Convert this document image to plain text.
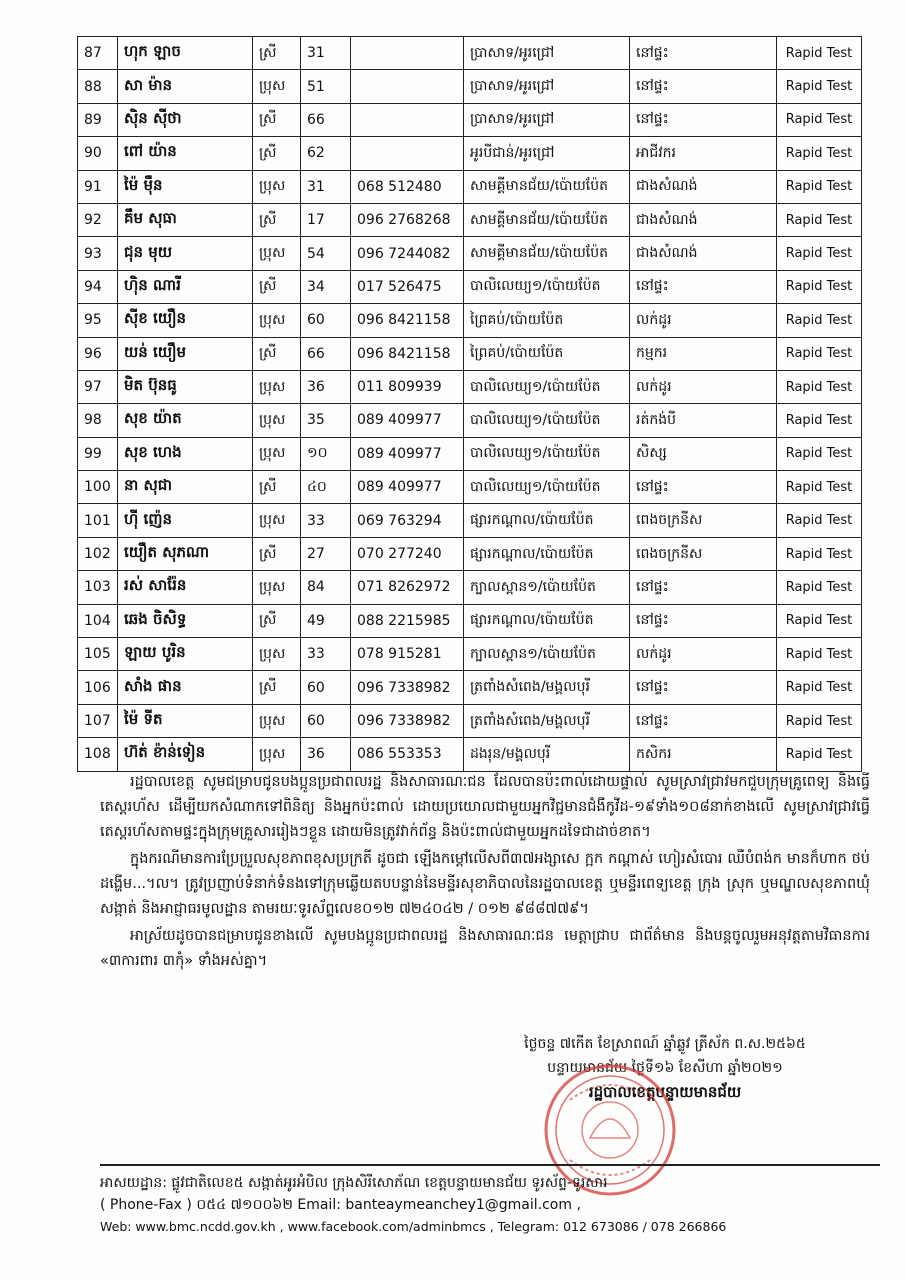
87	ហុក ឡាច	ស្រី	31		ប្រាសាទ/អូរជ្រៅ	នៅផ្ទះ	Rapid Test
88	សា ម៉ាន	ប្រុស	51		ប្រាសាទ/អូរជ្រៅ	នៅផ្ទះ	Rapid Test
89	ស៊ិន ស៊ីថា	ស្រី	66		ប្រាសាទ/អូរជ្រៅ	នៅផ្ទះ	Rapid Test
90	ពៅ យ៉ាន	ស្រី	62		អូរបីជាន់/អូរជ្រៅ	អាជីវករ	Rapid Test
91	ម៉ៃ ម៉ឺន	ប្រុស	31	068 512480	សាមគ្គីមានជ័យ/ប៉ោយប៉ែត	ជាងសំណង់	Rapid Test
92	គឹម សុធា	ស្រី	17	096 2768268	សាមគ្គីមានជ័យ/ប៉ោយប៉ែត	ជាងសំណង់	Rapid Test
93	ជុន មុយ	ប្រុស	54	096 7244082	សាមគ្គីមានជ័យ/ប៉ោយប៉ែត	ជាងសំណង់	Rapid Test
94	ហ៊ិន ណារី	ស្រី	34	017 526475	បាលិលេយ្យ១/ប៉ោយប៉ែត	នៅផ្ទះ	Rapid Test
95	ស៊ីខ យឿន	ប្រុស	60	096 8421158	ព្រៃគប់/ប៉ោយប៉ែត	លក់ដូរ	Rapid Test
96	យន់ យឿម	ស្រី	66	096 8421158	ព្រៃគប់/ប៉ោយប៉ែត	កម្មករ	Rapid Test
97	មិត ប៊ុនធូ	ប្រុស	36	011 809939	បាលិលេយ្យ១/ប៉ោយប៉ែត	លក់ដូរ	Rapid Test
98	សុខ យ៉ាត	ប្រុស	35	089 409977	បាលិលេយ្យ១/ប៉ោយប៉ែត	រត់កង់បី	Rapid Test
99	សុខ ហេង	ប្រុស	១០	089 409977	បាលិលេយ្យ១/ប៉ោយប៉ែត	សិស្ស	Rapid Test
100	នា សុជា	ស្រី	៤០	089 409977	បាលិលេយ្យ១/ប៉ោយប៉ែត	នៅផ្ទះ	Rapid Test
101	ហ៊ី ញ៉េន	ប្រុស	33	069 763294	ផ្សារកណ្ដាល/ប៉ោយប៉ែត	ពេងចក្រនីស	Rapid Test
102	យឿត សុភណា	ស្រី	27	070 277240	ផ្សារកណ្ដាល/ប៉ោយប៉ែត	ពេងចក្រនីស	Rapid Test
103	រស់ សារ៉ែន	ប្រុស	84	071 8262972	ក្បាលស្ពាន១/ប៉ោយប៉ែត	នៅផ្ទះ	Rapid Test
104	ឆេង ចិសិទ្ធ	ស្រី	49	088 2215985	ផ្សារកណ្ដាល/ប៉ោយប៉ែត	នៅផ្ទះ	Rapid Test
105	ឡាយ បូរិន	ប្រុស	33	078 915281	ក្បាលស្ពាន១/ប៉ោយប៉ែត	លក់ដូរ	Rapid Test
106	សាំង ផាន	ស្រី	60	096 7338982	ត្រពាំងសំពេង/មង្គលបុរី	នៅផ្ទះ	Rapid Test
107	ម៉ៃ ទីត	ប្រុស	60	096 7338982	ត្រពាំងសំពេង/មង្គលបុរី	នៅផ្ទះ	Rapid Test
108	ហ៊ត់ ខ៉ាន់ទៀន	ប្រុស	36	086 553353	ដងរុន/មង្គលបុរី	កសិករ	Rapid Test

រដ្ឋបាលខេត្ត សូមជម្រាបជូនបងប្អូនប្រជាពលរដ្ឋ និងសាធារណៈជន ដែលបានប៉ះពាល់ដោយផ្ទាល់ សូមស្រាវជ្រាវមកជួបក្រុមគ្រូពេទ្យ និងធ្វើតេស្តរហ័ស ដើម្បីយកសំណាកទៅពិនិត្យ និងអ្នកប៉ះពាល់ ដោយប្រយោលជាមួយអ្នកវិជ្ជមានជំងឺកូវីដ-១៩ទាំង១០៨នាក់ខាងលើ សូមស្រាវជ្រាវធ្វើតេស្តរហ័សតាមផ្ទះក្នុងក្រុមគ្រួសាររៀងៗខ្លួន ដោយមិនត្រូវវាក់ព័ន្ធ និងប៉ះពាល់ជាមួយអ្នកដទៃជាដាច់ខាត។

ក្នុងករណីមានការប្រែប្រួលសុខភាពខុសប្រក្រតី ដូចជា ឡើងកម្ដៅលើសពី៣៧អង្សាសេ ក្អក កណ្ដាស់ ហៀរសំបោរ ឈឺបំពង់ក មានក៏ហាក ថប់ដង្ហើម...។ល។ ត្រូវប្រញាប់ទំនាក់ទំនងទៅក្រុមឆ្លើយតបបន្ទាន់នៃមន្ទីរសុខាភិបាលនៃរដ្ឋបាលខេត្ត ឬមន្ទីរពេទ្យខេត្ត ក្រុង ស្រុក ឬមណ្ឌលសុខភាពឃុំ សង្កាត់ និងអាជ្ញាធរមូលដ្ឋាន តាមរយៈទូរស័ព្ទលេខ០១២ ៧២៤០៤២ / ០១២ ៩៨៨៧៧៩។

អាស្រ័យដូចបានជម្រាបជូនខាងលើ សូមបងប្អូនប្រជាពលរដ្ឋ និងសាធារណៈជន មេត្តាជ្រាប ជាព័ត៌មាន និងបន្តចូលរួមអនុវត្តតាមវិធានការ «៣ការពារ ៣កុំ» ទាំងអស់គ្នា។

ថ្ងៃចន្ទ ៧កើត ខែស្រាពណ៍ ឆ្នាំឆ្លូវ ត្រីស័ក ព.ស.២៥៦៥
បន្ទាយមានជ័យ ថ្ងៃទី១៦ ខែសីហា ឆ្នាំ២០២១
រដ្ឋបាលខេត្តបន្ទាយមានជ័យ
អាសយដ្ឋាន: ផ្លូវជាតិលេខ៥ សង្កាត់អូរអំបិល ក្រុងសិរីសោភ័ណ ខេត្តបន្ទាយមានជ័យ ទូរស័ព្ទ-ទូរសារ
( Phone-Fax ) ០៥៤ ៧១០០៦២ Email: banteaymeanchey1@gmail.com ,
Web: www.bmc.ncdd.gov.kh , www.facebook.com/adminbmcs , Telegram: 012 673086 / 078 266866
